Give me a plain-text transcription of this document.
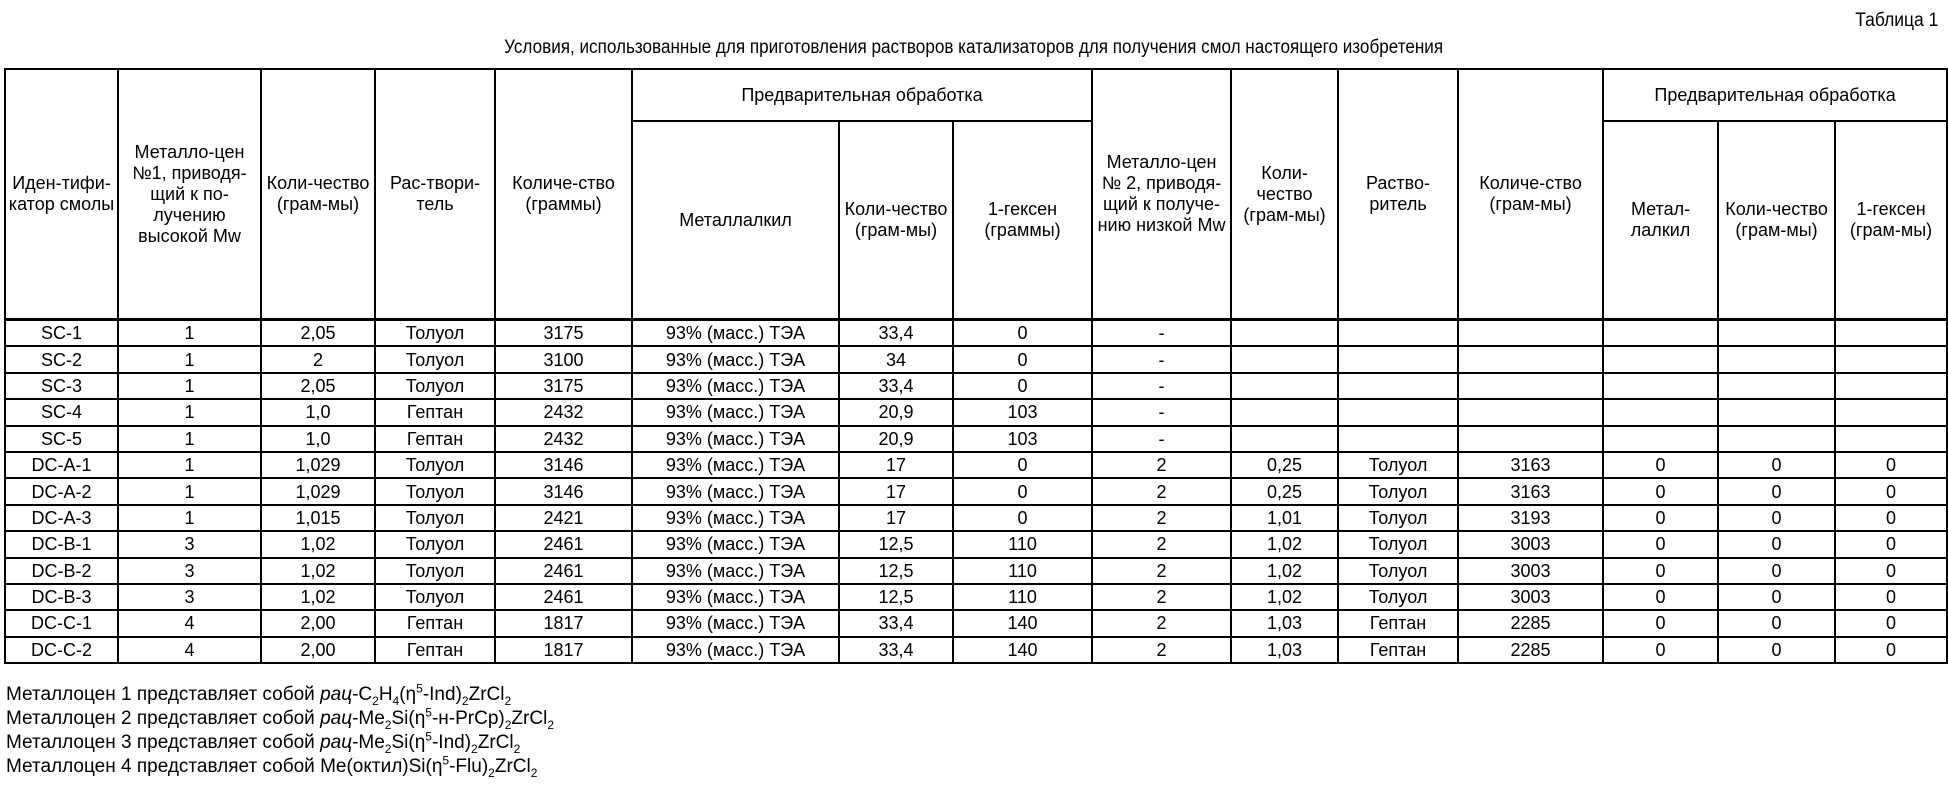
Таблица 1
Условия, использованные для приготовления растворов катализаторов для получения смол настоящего изобретения
Иден-тифи-катор смолы	Металло-цен №1, приводя-щий к по-лучению высокой Mw	Коли-чество (грам-мы)	Рас-твори-тель	Количе-ство (граммы)	Предварительная обработка	Металло-цен № 2, приводя-щий к получе-нию низкой Mw	Коли-чество (грам-мы)	Раство-ритель	Количе-ство (грам-мы)	Предварительная обработка
Металлалкил	Коли-чество (грам-мы)	1-гексен (граммы)	Метал-лалкил	Коли-чество (грам-мы)	1-гексен (грам-мы)
SC-1	1	2,05	Толуол	3175	93% (масс.) ТЭА	33,4	0	-						
SC-2	1	2	Толуол	3100	93% (масс.) ТЭА	34	0	-						
SC-3	1	2,05	Толуол	3175	93% (масс.) ТЭА	33,4	0	-						
SC-4	1	1,0	Гептан	2432	93% (масс.) ТЭА	20,9	103	-						
SC-5	1	1,0	Гептан	2432	93% (масс.) ТЭА	20,9	103	-						
DC-A-1	1	1,029	Толуол	3146	93% (масс.) ТЭА	17	0	2	0,25	Толуол	3163	0	0	0
DC-A-2	1	1,029	Толуол	3146	93% (масс.) ТЭА	17	0	2	0,25	Толуол	3163	0	0	0
DC-A-3	1	1,015	Толуол	2421	93% (масс.) ТЭА	17	0	2	1,01	Толуол	3193	0	0	0
DC-B-1	3	1,02	Толуол	2461	93% (масс.) ТЭА	12,5	110	2	1,02	Толуол	3003	0	0	0
DC-B-2	3	1,02	Толуол	2461	93% (масс.) ТЭА	12,5	110	2	1,02	Толуол	3003	0	0	0
DC-B-3	3	1,02	Толуол	2461	93% (масс.) ТЭА	12,5	110	2	1,02	Толуол	3003	0	0	0
DC-C-1	4	2,00	Гептан	1817	93% (масс.) ТЭА	33,4	140	2	1,03	Гептан	2285	0	0	0
DC-C-2	4	2,00	Гептан	1817	93% (масс.) ТЭА	33,4	140	2	1,03	Гептан	2285	0	0	0
Металлоцен 1 представляет собой рац-C2H4(η5-Ind)2ZrCl2
Металлоцен 2 представляет собой рац-Me2Si(η5-н-PrCp)2ZrCl2
Металлоцен 3 представляет собой рац-Me2Si(η5-Ind)2ZrCl2
Металлоцен 4 представляет собой Me(октил)Si(η5-Flu)2ZrCl2
